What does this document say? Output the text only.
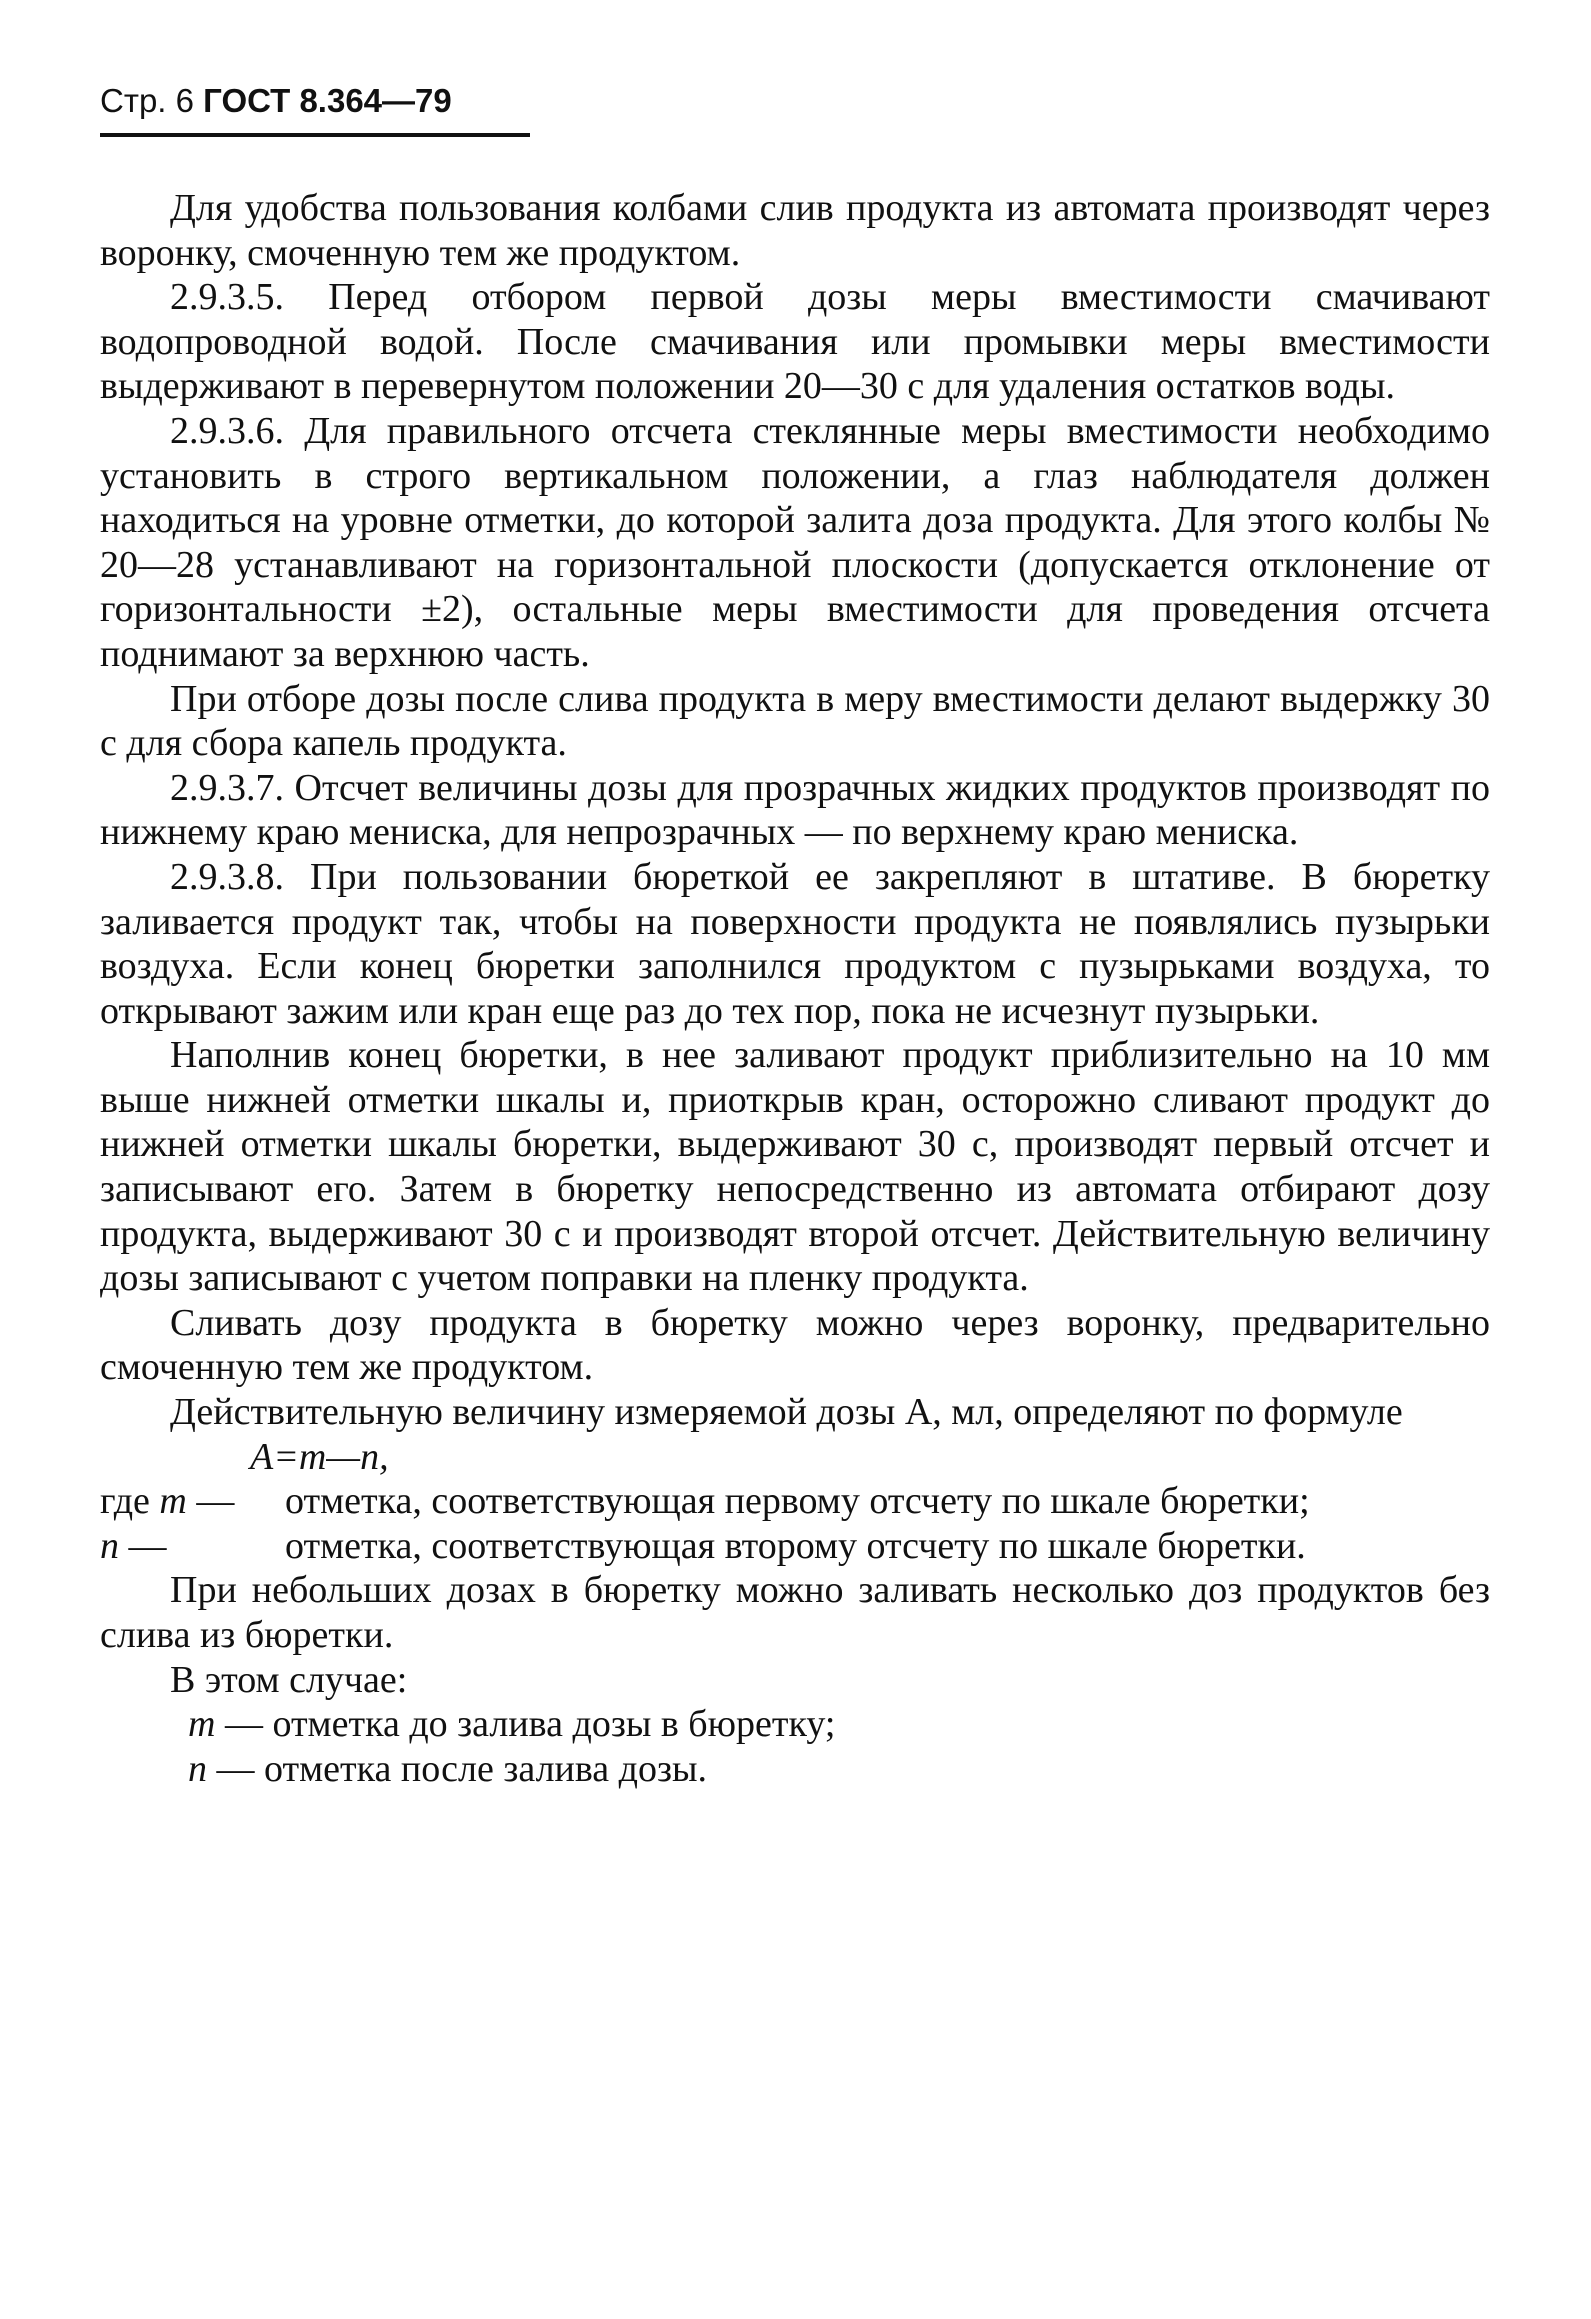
Стр. 6 ГОСТ 8.364—79

Для удобства пользования колбами слив продукта из автомата производят через воронку, смоченную тем же продуктом.

2.9.3.5. Перед отбором первой дозы меры вместимости смачивают водопроводной водой. После смачивания или промывки меры вместимости выдерживают в перевернутом положении 20—30 с для удаления остатков воды.

2.9.3.6. Для правильного отсчета стеклянные меры вместимости необходимо установить в строго вертикальном положении, а глаз наблюдателя должен находиться на уровне отметки, до которой залита доза продукта. Для этого колбы № 20—28 устанавливают на горизонтальной плоскости (допускается отклонение от горизонтальности ±2), остальные меры вместимости для проведения отсчета поднимают за верхнюю часть.

При отборе дозы после слива продукта в меру вместимости делают выдержку 30 с для сбора капель продукта.

2.9.3.7. Отсчет величины дозы для прозрачных жидких продуктов производят по нижнему краю мениска, для непрозрачных — по верхнему краю мениска.

2.9.3.8. При пользовании бюреткой ее закрепляют в штативе. В бюретку заливается продукт так, чтобы на поверхности продукта не появлялись пузырьки воздуха. Если конец бюретки заполнился продуктом с пузырьками воздуха, то открывают зажим или кран еще раз до тех пор, пока не исчезнут пузырьки.

Наполнив конец бюретки, в нее заливают продукт приблизительно на 10 мм выше нижней отметки шкалы и, приоткрыв кран, осторожно сливают продукт до нижней отметки шкалы бюретки, выдерживают 30 с, производят первый отсчет и записывают его. Затем в бюретку непосредственно из автомата отбирают дозу продукта, выдерживают 30 с и производят второй отсчет. Действительную величину дозы записывают с учетом поправки на пленку продукта.

Сливать дозу продукта в бюретку можно через воронку, предварительно смоченную тем же продуктом.

Действительную величину измеряемой дозы A, мл, определяют по формуле

A=m—n,

где m —	отметка, соответствующая первому отсчету по шкале бюретки;
n —	отметка, соответствующая второму отсчету по шкале бюретки.

При небольших дозах в бюретку можно заливать несколько доз продуктов без слива из бюретки.

В этом случае:

m — отметка до залива дозы в бюретку;
n — отметка после залива дозы.
